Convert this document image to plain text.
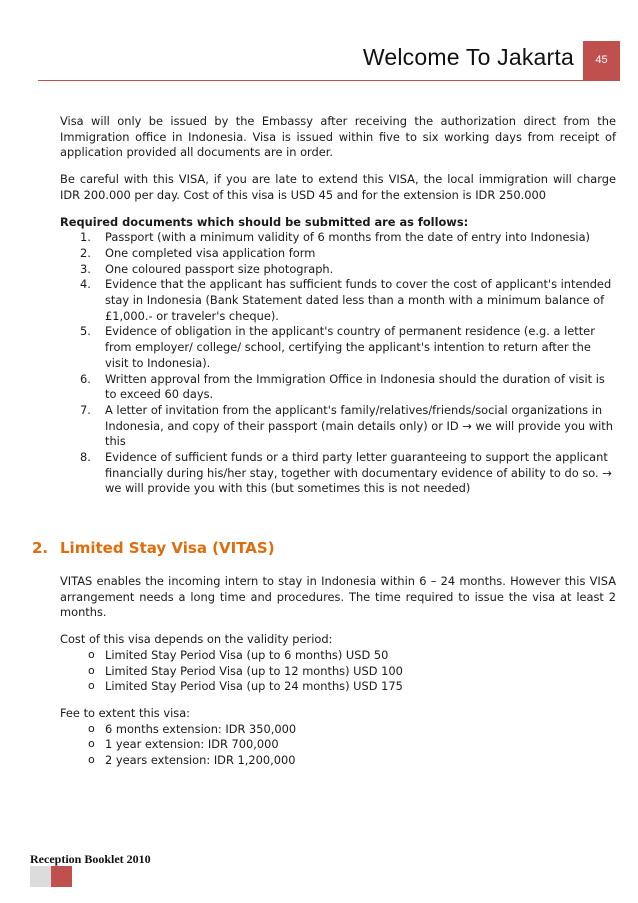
Welcome To Jakarta	45

Visa will only be issued by the Embassy after receiving the authorization direct from the Immigration office in Indonesia. Visa is issued within five to six working days from receipt of application provided all documents are in order.

Be careful with this VISA, if you are late to extend this VISA, the local immigration will charge IDR 200.000 per day. Cost of this visa is USD 45 and for the extension is IDR 250.000

Required documents which should be submitted are as follows:

1. Passport (with a minimum validity of 6 months from the date of entry into Indonesia)
2. One completed visa application form
3. One coloured passport size photograph.
4. Evidence that the applicant has sufficient funds to cover the cost of applicant's intended stay in Indonesia (Bank Statement dated less than a month with a minimum balance of £1,000.- or traveler's cheque).
5. Evidence of obligation in the applicant's country of permanent residence (e.g. a letter from employer/ college/ school, certifying the applicant's intention to return after the visit to Indonesia).
6. Written approval from the Immigration Office in Indonesia should the duration of visit is to exceed 60 days.
7. A letter of invitation from the applicant's family/relatives/friends/social organizations in Indonesia, and copy of their passport (main details only) or ID → we will provide you with this
8. Evidence of sufficient funds or a third party letter guaranteeing to support the applicant financially during his/her stay, together with documentary evidence of ability to do so. → we will provide you with this (but sometimes this is not needed)
2. Limited Stay Visa (VITAS)

VITAS enables the incoming intern to stay in Indonesia within 6 – 24 months. However this VISA arrangement needs a long time and procedures. The time required to issue the visa at least 2 months.

Cost of this visa depends on the validity period:
o Limited Stay Period Visa (up to 6 months) USD 50
o Limited Stay Period Visa (up to 12 months) USD 100
o Limited Stay Period Visa (up to 24 months) USD 175
Fee to extent this visa:
o 6 months extension: IDR 350,000
o 1 year extension: IDR 700,000
o 2 years extension: IDR 1,200,000
Reception Booklet 2010
